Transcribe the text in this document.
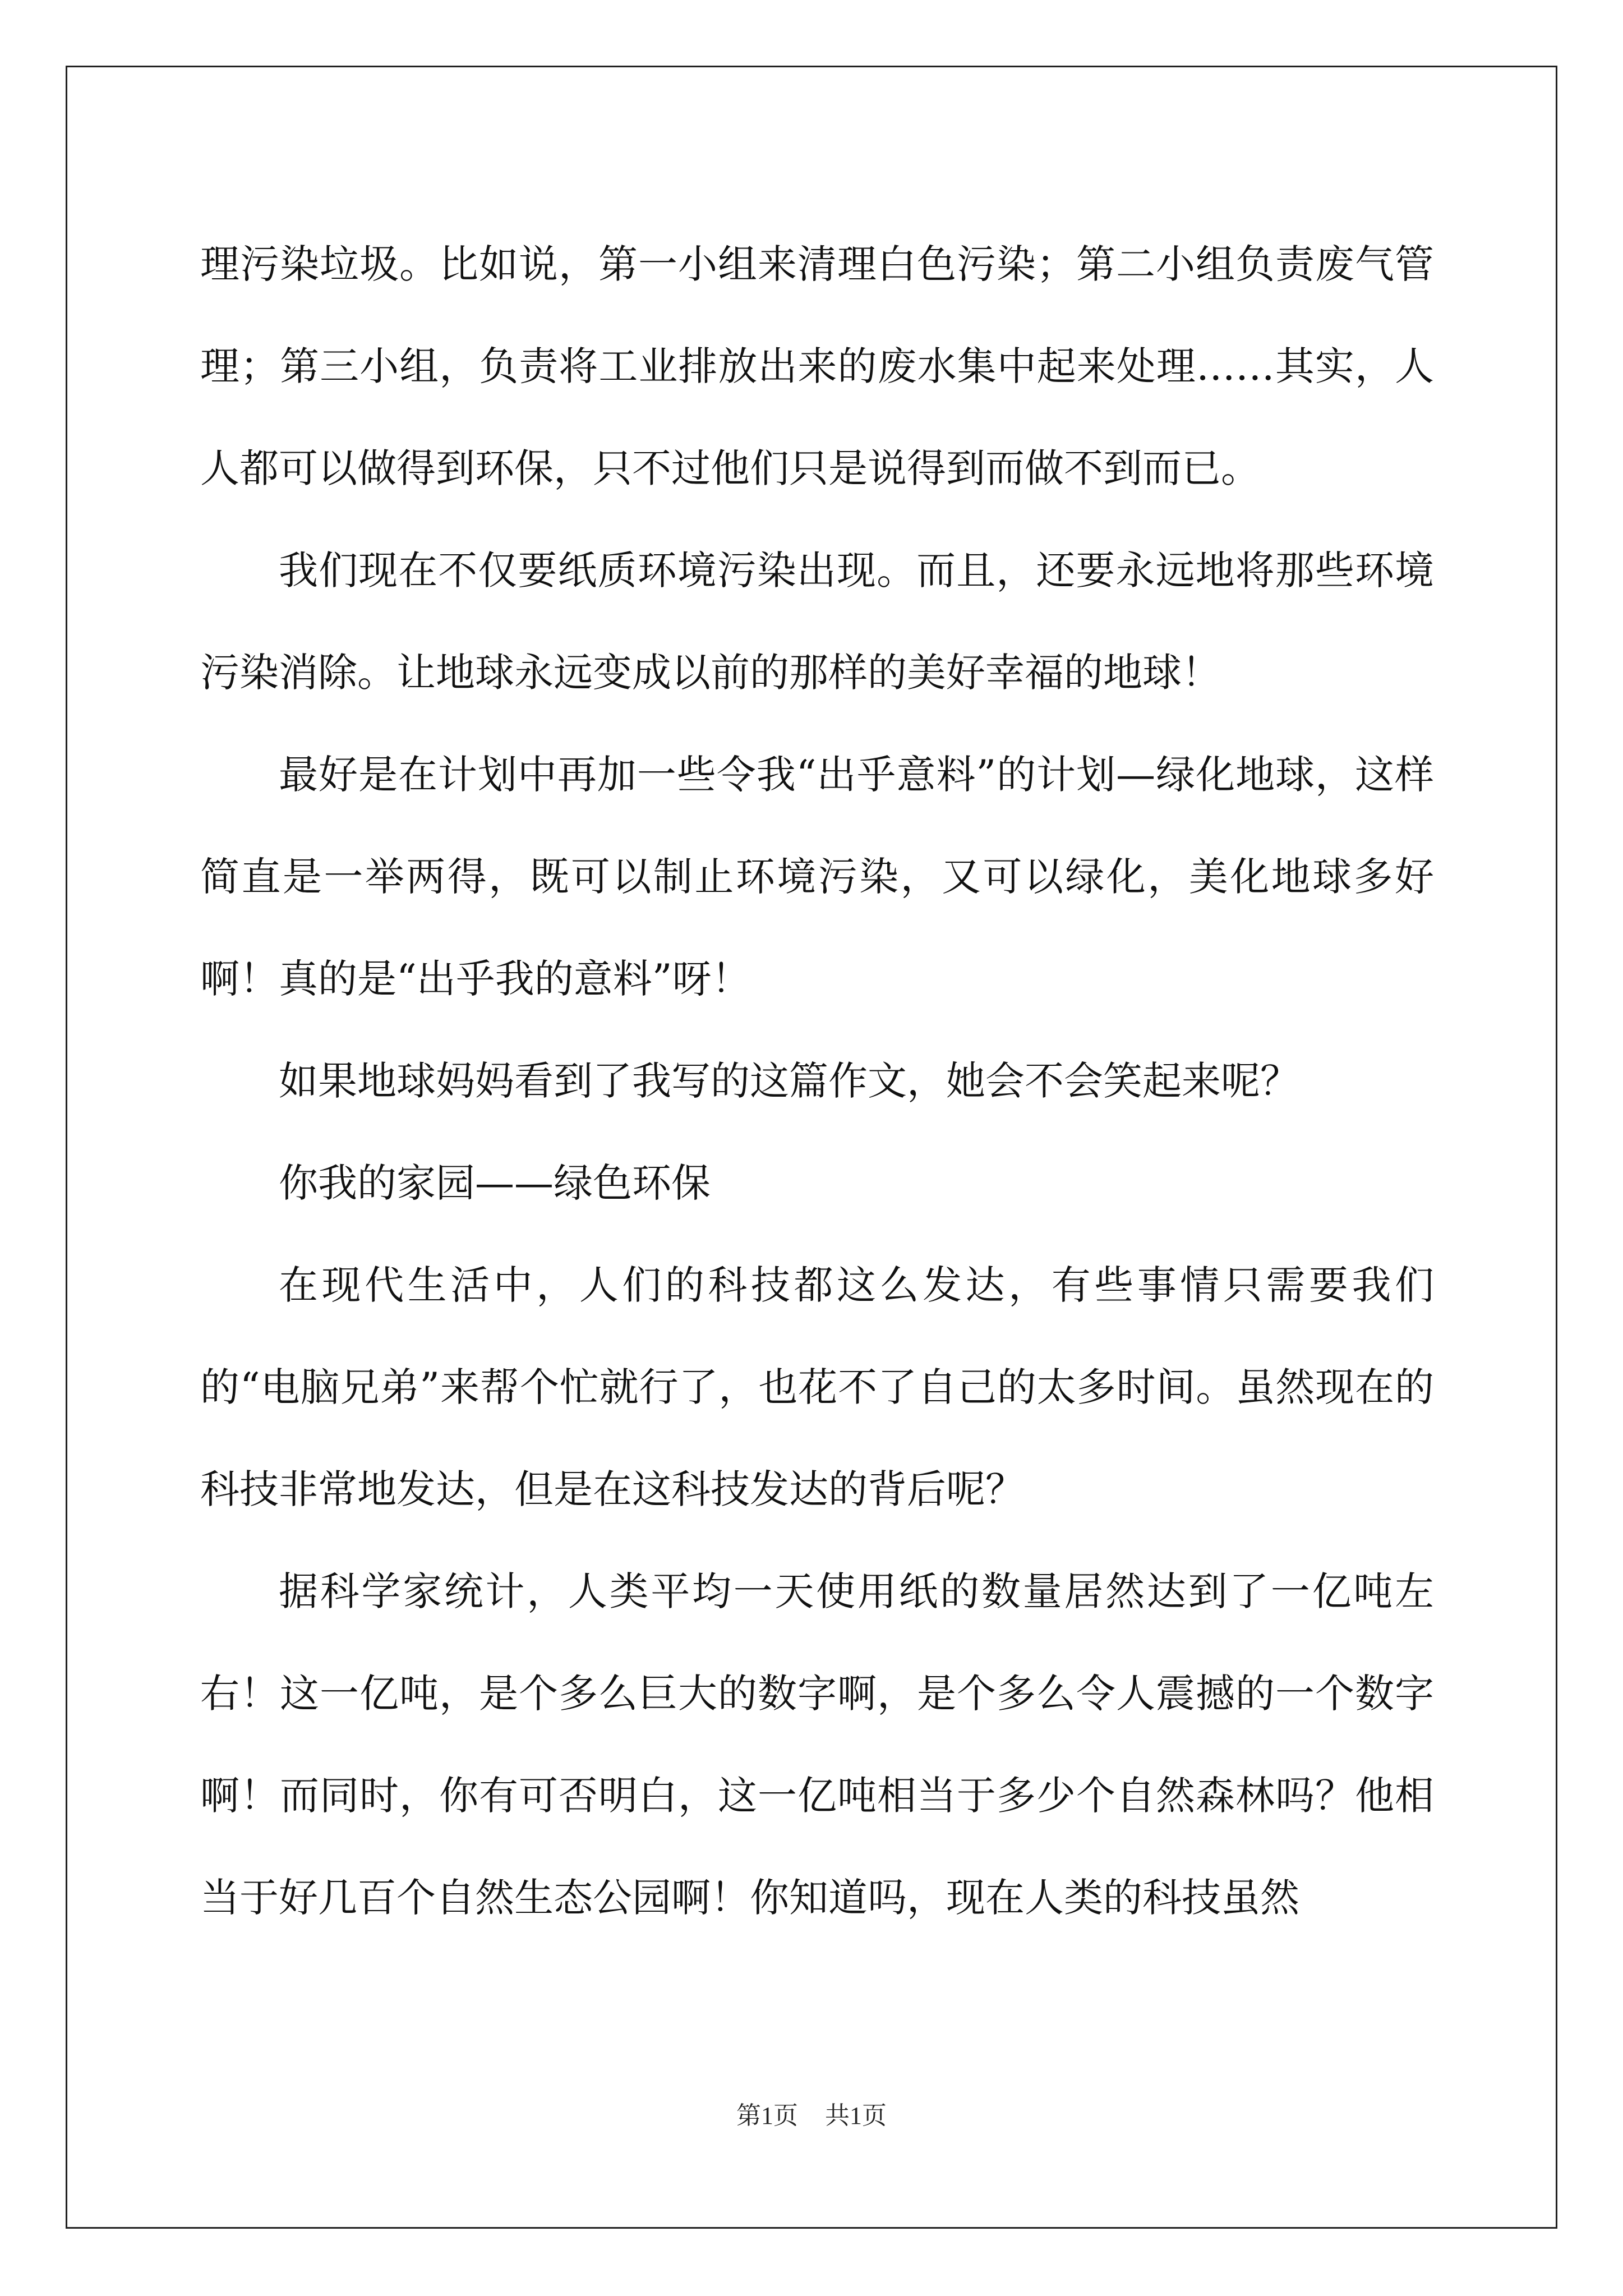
理污染垃圾。比如说，第一小组来清理白色污染；第二小组负责废气管理；第三小组，负责将工业排放出来的废水集中起来处理……其实，人人都可以做得到环保，只不过他们只是说得到而做不到而已。

我们现在不仅要纸质环境污染出现。而且，还要永远地将那些环境污染消除。让地球永远变成以前的那样的美好幸福的地球！

最好是在计划中再加一些令我“出乎意料”的计划—绿化地球，这样简直是一举两得，既可以制止环境污染，又可以绿化，美化地球多好啊！真的是“出乎我的意料”呀！

如果地球妈妈看到了我写的这篇作文，她会不会笑起来呢？

你我的家园——绿色环保

在现代生活中，人们的科技都这么发达，有些事情只需要我们的“电脑兄弟”来帮个忙就行了，也花不了自己的太多时间。虽然现在的科技非常地发达，但是在这科技发达的背后呢？

据科学家统计，人类平均一天使用纸的数量居然达到了一亿吨左右！这一亿吨，是个多么巨大的数字啊，是个多么令人震撼的一个数字啊！而同时，你有可否明白，这一亿吨相当于多少个自然森林吗？他相当于好几百个自然生态公园啊！你知道吗，现在人类的科技虽然

第1页 共1页
